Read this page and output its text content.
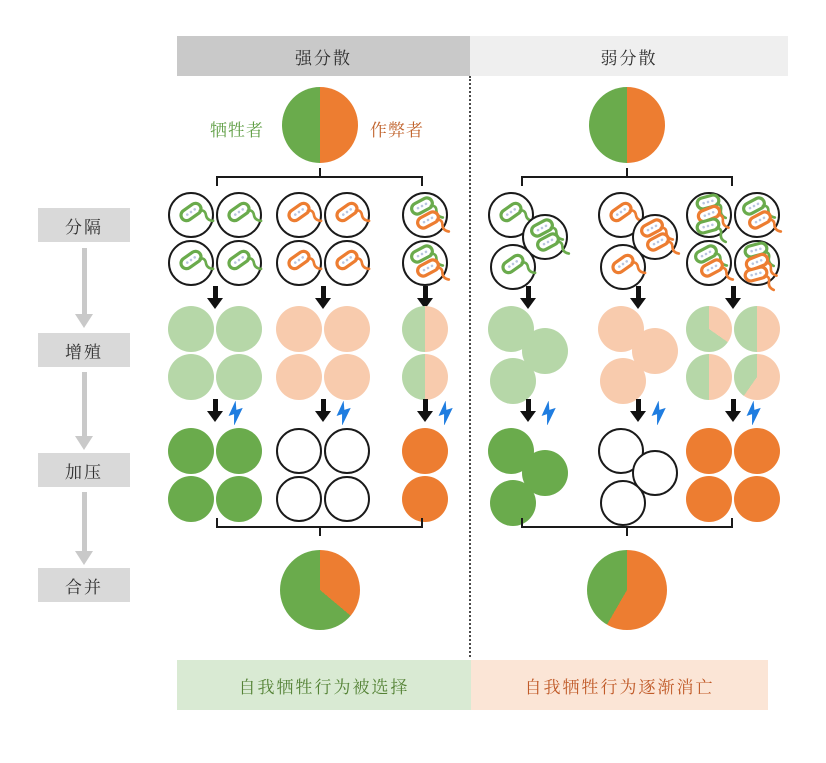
分隔
增殖
加压
合并
强分散	弱分散
牺牲者	作弊者
自我牺牲行为被选择	自我牺牲行为逐渐消亡
